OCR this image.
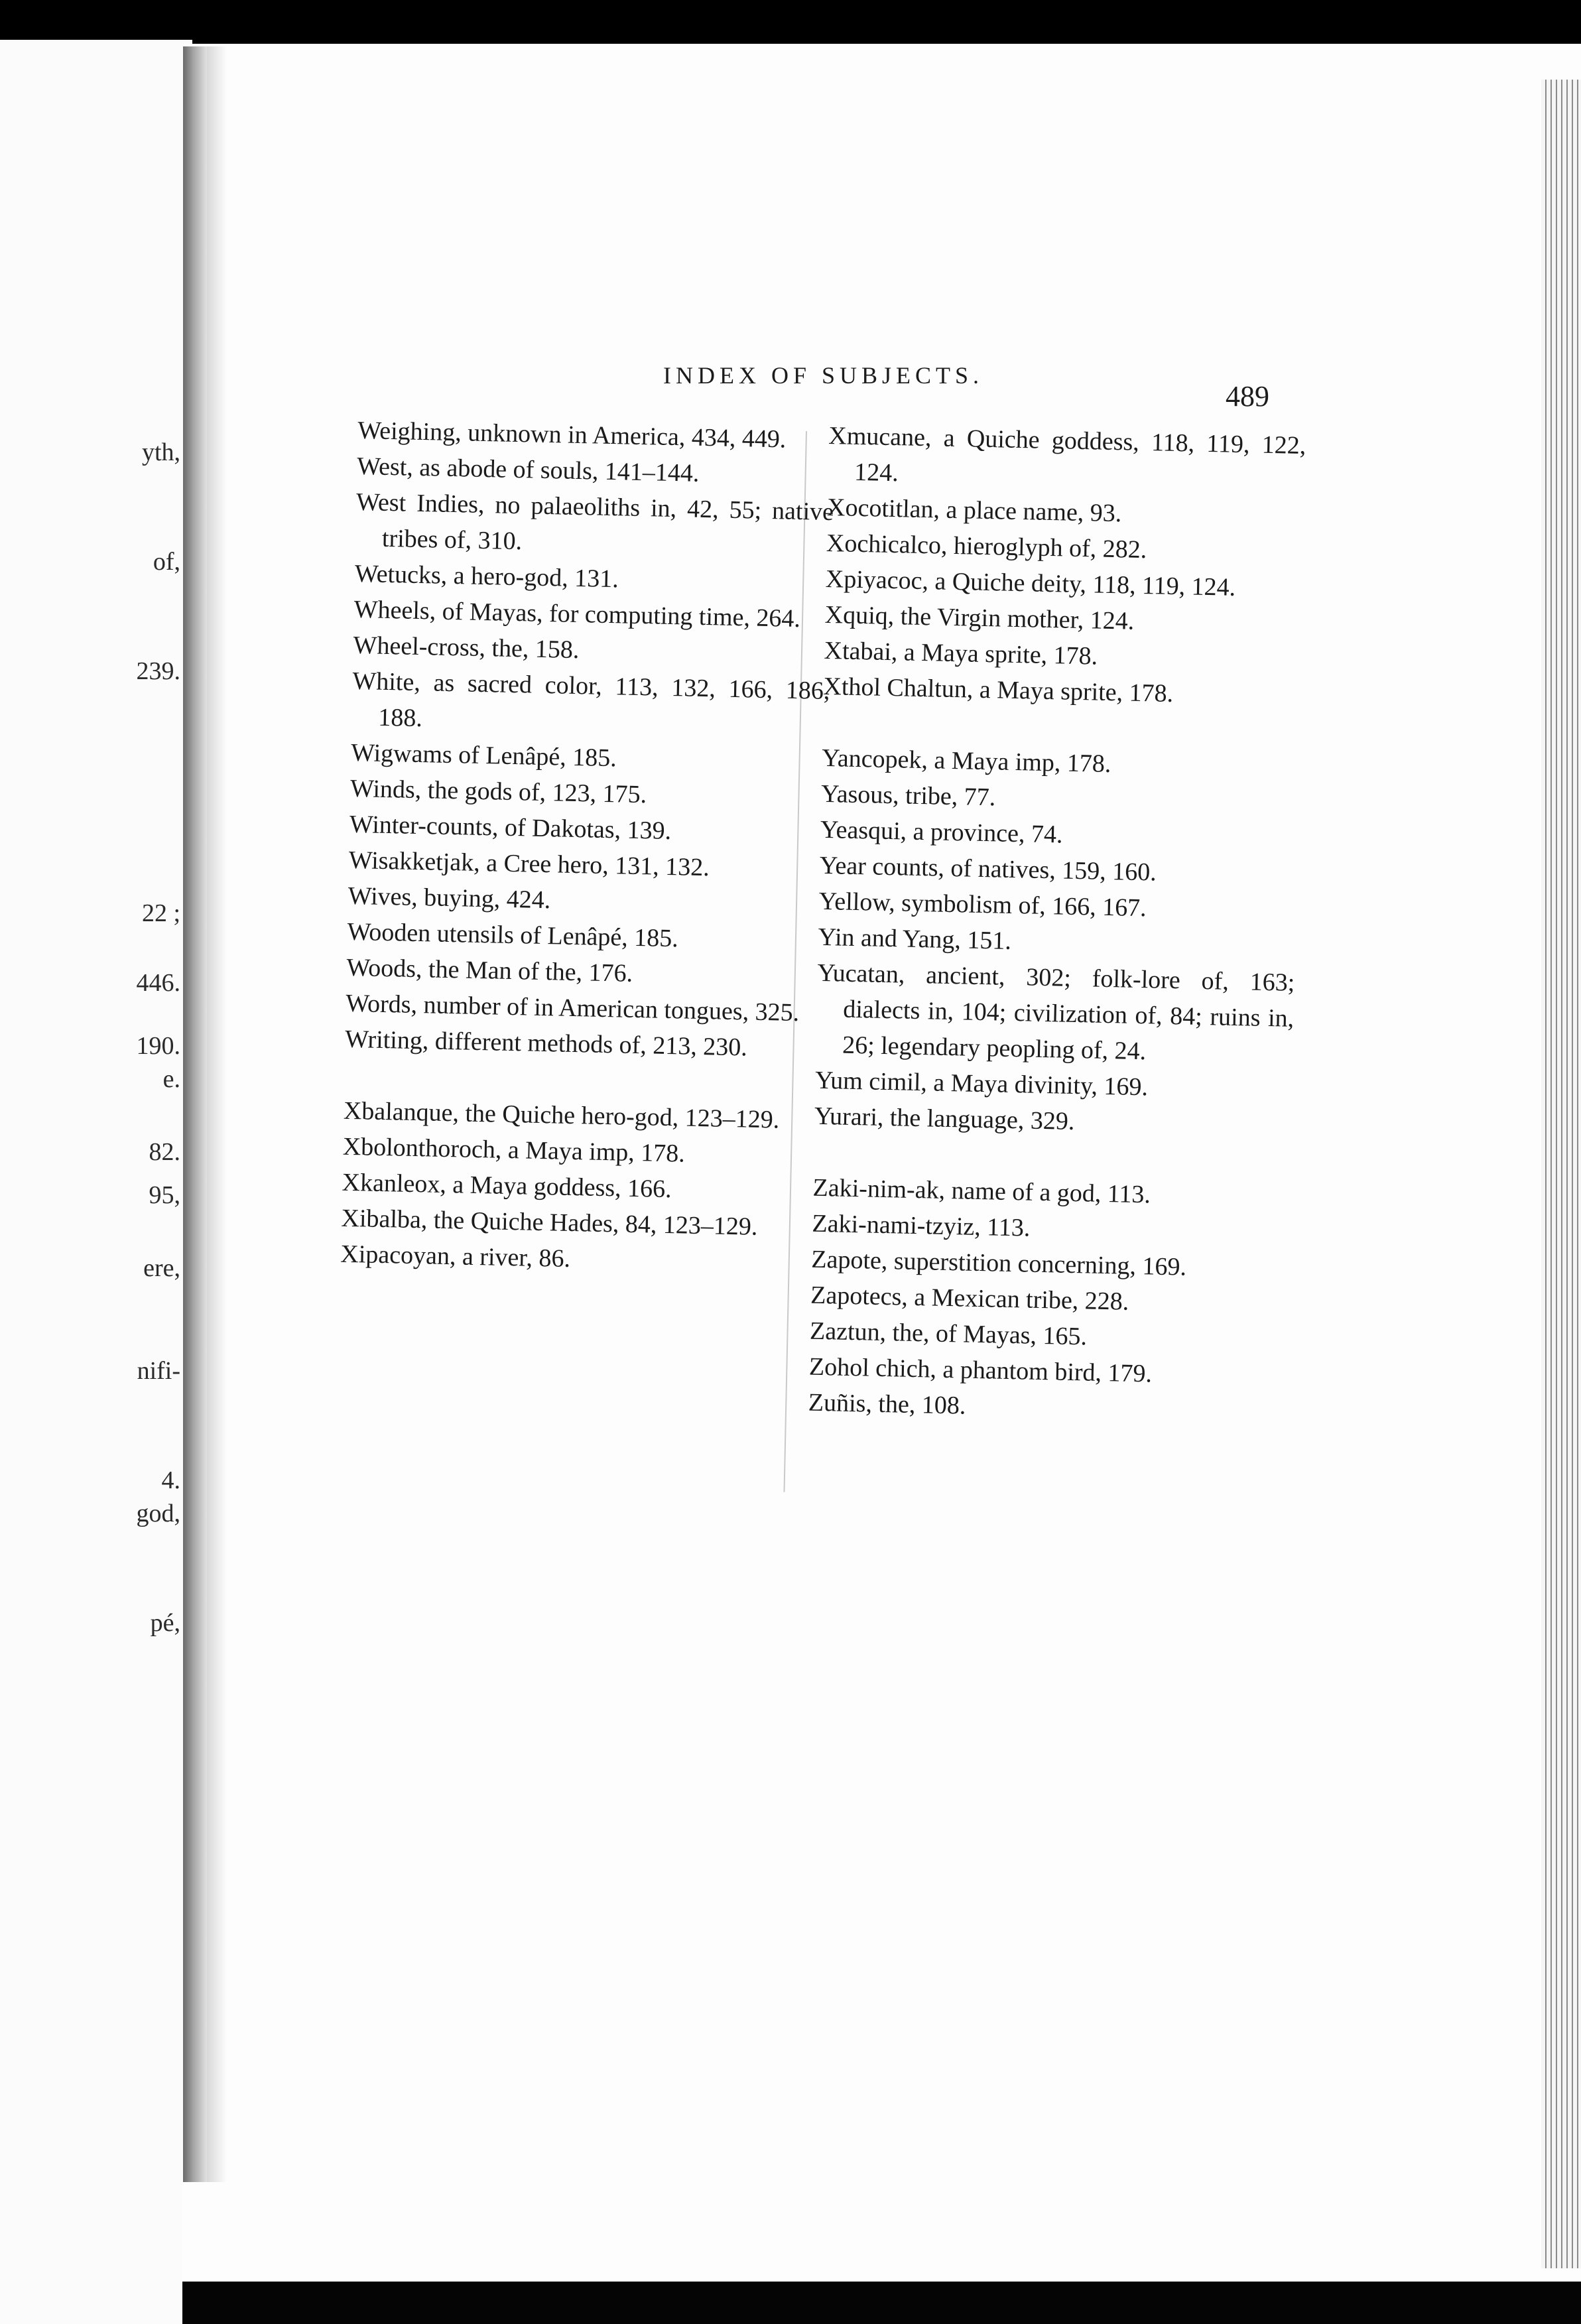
yth,
of,
239.
22 ;
446.
190.
e.
82.
95,
ere,
nifi-
4.
god,
pé,
INDEX OF SUBJECTS.
489

Weighing, unknown in America, 434, 449.

West, as abode of souls, 141–144.

West Indies, no palaeoliths in, 42, 55; native tribes of, 310.

Wetucks, a hero-god, 131.

Wheels, of Mayas, for computing time, 264.

Wheel-cross, the, 158.

White, as sacred color, 113, 132, 166, 186, 188.

Wigwams of Lenâpé, 185.

Winds, the gods of, 123, 175.

Winter-counts, of Dakotas, 139.

Wisakketjak, a Cree hero, 131, 132.

Wives, buying, 424.

Wooden utensils of Lenâpé, 185.

Woods, the Man of the, 176.

Words, number of in American tongues, 325.

Writing, different methods of, 213, 230.

Xbalanque, the Quiche hero-god, 123–129.

Xbolonthoroch, a Maya imp, 178.

Xkanleox, a Maya goddess, 166.

Xibalba, the Quiche Hades, 84, 123–129.

Xipacoyan, a river, 86.

Xmucane, a Quiche goddess, 118, 119, 122, 124.

Xocotitlan, a place name, 93.

Xochicalco, hieroglyph of, 282.

Xpiyacoc, a Quiche deity, 118, 119, 124.

Xquiq, the Virgin mother, 124.

Xtabai, a Maya sprite, 178.

Xthol Chaltun, a Maya sprite, 178.

Yancopek, a Maya imp, 178.

Yasous, tribe, 77.

Yeasqui, a province, 74.

Year counts, of natives, 159, 160.

Yellow, symbolism of, 166, 167.

Yin and Yang, 151.

Yucatan, ancient, 302; folk-lore of, 163; dialects in, 104; civilization of, 84; ruins in, 26; legendary peopling of, 24.

Yum cimil, a Maya divinity, 169.

Yurari, the language, 329.

Zaki-nim-ak, name of a god, 113.

Zaki-nami-tzyiz, 113.

Zapote, superstition concerning, 169.

Zapotecs, a Mexican tribe, 228.

Zaztun, the, of Mayas, 165.

Zohol chich, a phantom bird, 179.

Zuñis, the, 108.
